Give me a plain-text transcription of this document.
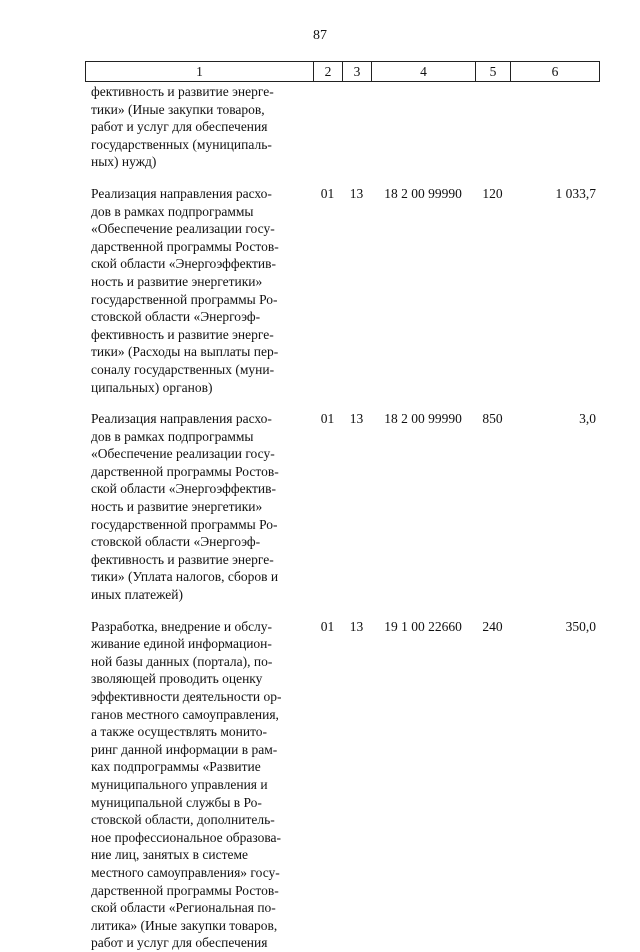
87
1	2	3	4	5	6
фективность и развитие энерге-
тики» (Иные закупки товаров,
работ и услуг для обеспечения
государственных (муниципаль-
ных) нужд)
Реализация направления расхо-
дов в рамках подпрограммы
«Обеспечение реализации госу-
дарственной программы Ростов-
ской области «Энергоэффектив-
ность и развитие энергетики»
государственной программы Ро-
стовской области «Энергоэф-
фективность и развитие энерге-
тики» (Расходы на выплаты пер-
соналу государственных (муни-
ципальных) органов)
01	13	18 2 00 99990	120	1 033,7
Реализация направления расхо-
дов в рамках подпрограммы
«Обеспечение реализации госу-
дарственной программы Ростов-
ской области «Энергоэффектив-
ность и развитие энергетики»
государственной программы Ро-
стовской области «Энергоэф-
фективность и развитие энерге-
тики» (Уплата налогов, сборов и
иных платежей)
01	13	18 2 00 99990	850	3,0
Разработка, внедрение и обслу-
живание единой информацион-
ной базы данных (портала), по-
зволяющей проводить оценку
эффективности деятельности ор-
ганов местного самоуправления,
а также осуществлять монито-
ринг данной информации в рам-
ках подпрограммы «Развитие
муниципального управления и
муниципальной службы в Ро-
стовской области, дополнитель-
ное профессиональное образова-
ние лиц, занятых в системе
местного самоуправления» госу-
дарственной программы Ростов-
ской области «Региональная по-
литика» (Иные закупки товаров,
работ и услуг для обеспечения
01	13	19 1 00 22660	240	350,0
